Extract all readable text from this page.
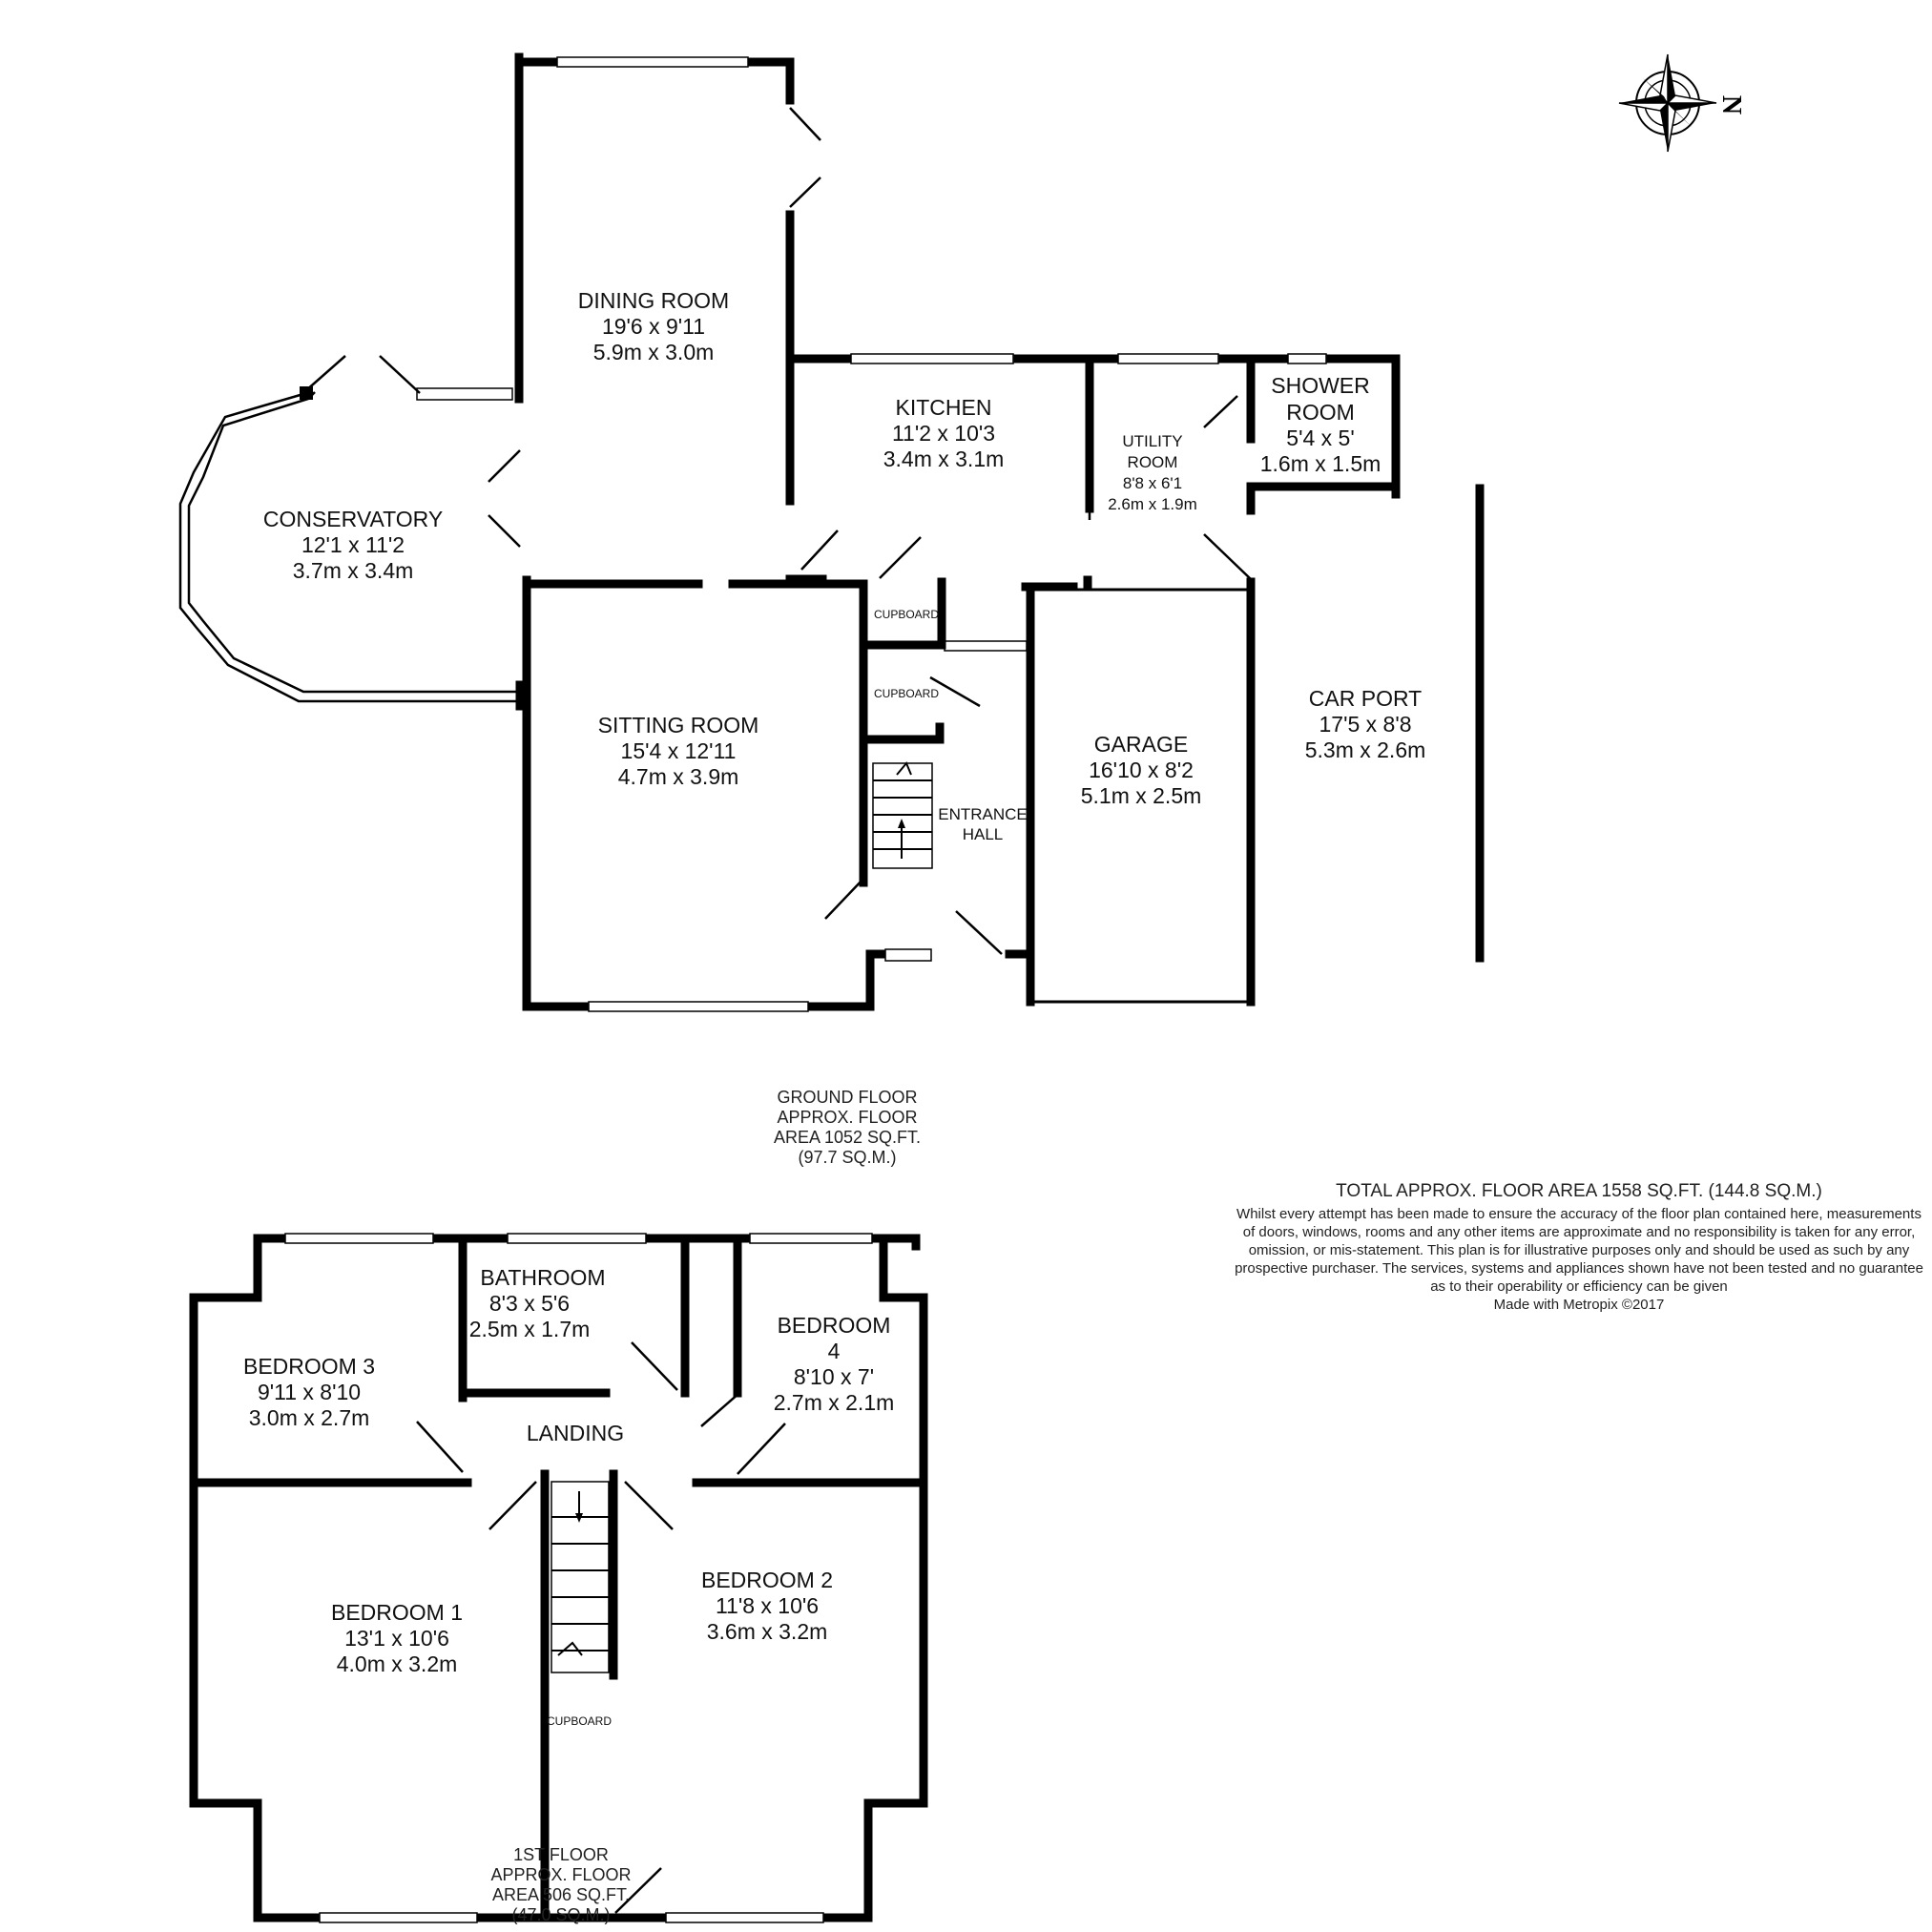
N
DINING ROOM
19'6 x 9'11
5.9m x 3.0m
KITCHEN
11'2 x 10'3
3.4m x 3.1m
UTILITY
ROOM
8'8 x 6'1
2.6m x 1.9m
SHOWER
ROOM
1.6m x 1.5m
5'4 x 5'
CONSERVATORY
12'1 x 11'2
3.7m x 3.4m
SITTING ROOM
15'4 x 12'11
4.7m x 3.9m
GARAGE
16'10 x 8'2
5.1m x 2.5m
CAR PORT
17'5 x 8'8
5.3m x 2.6m
CUPBOARD
CUPBOARD
ENTRANCE
HALL
GROUND FLOOR
APPROX. FLOOR
AREA 1052 SQ.FT.
(97.7 SQ.M.)
TOTAL APPROX. FLOOR AREA 1558 SQ.FT. (144.8 SQ.M.)
Whilst every attempt has been made to ensure the accuracy of the floor plan contained here, measurements
of doors, windows, rooms and any other items are approximate and no responsibility is taken for any error,
omission, or mis-statement. This plan is for illustrative purposes only and should be used as such by any
prospective purchaser. The services, systems and appliances shown have not been tested and no guarantee
as to their operability or efficiency can be given
Made with Metropix ©2017
BEDROOM 3
9'11 x 8'10
3.0m x 2.7m
BATHROOM
8'3 x 5'6
2.5m x 1.7m	BEDROOM
4
8'10 x 7'
2.7m x 2.1m
BEDROOM 1
13'1 x 10'6
4.0m x 3.2m
BEDROOM 2
11'8 x 10'6
3.6m x 3.2m
LANDING
CUPBOARD
1ST FLOOR
APPROX. FLOOR
AREA 506 SQ.FT.
(47.0 SQ.M.)
